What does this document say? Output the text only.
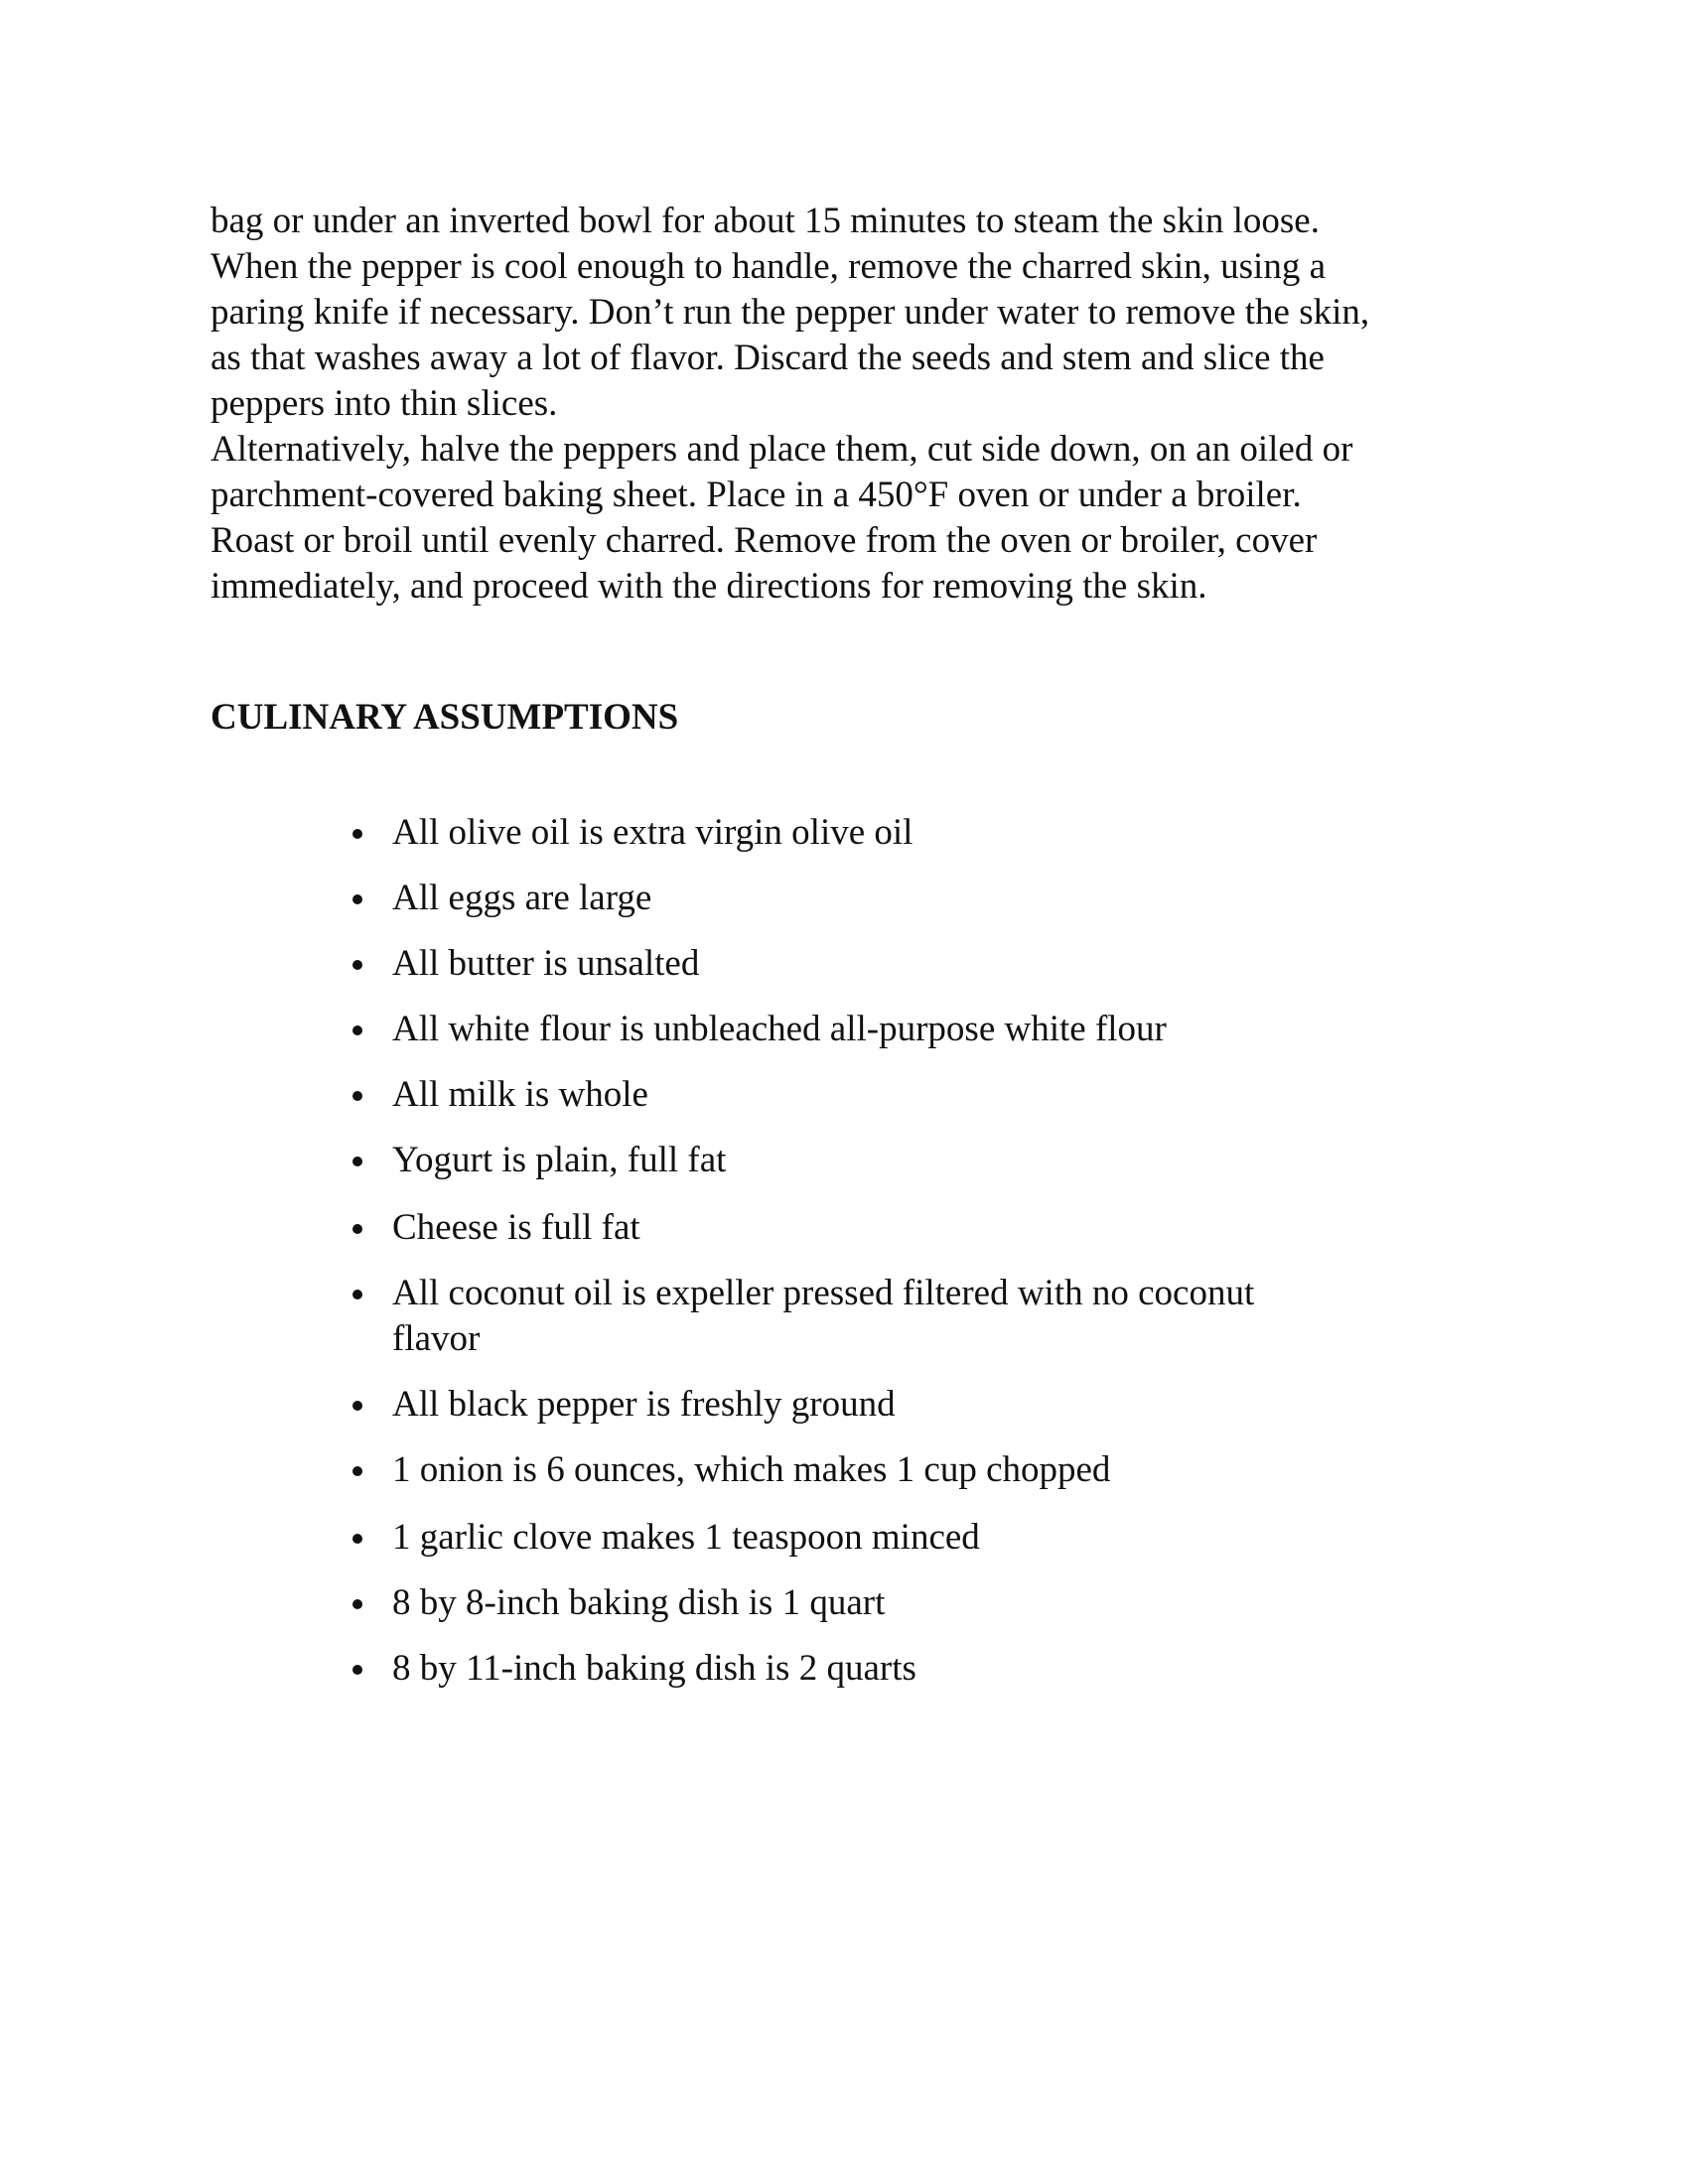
bag or under an inverted bowl for about 15 minutes to steam the skin loose.
When the pepper is cool enough to handle, remove the charred skin, using a
paring knife if necessary. Don’t run the pepper under water to remove the skin,
as that washes away a lot of flavor. Discard the seeds and stem and slice the
peppers into thin slices.

Alternatively, halve the peppers and place them, cut side down, on an oiled or
parchment-covered baking sheet. Place in a 450°F oven or under a broiler.
Roast or broil until evenly charred. Remove from the oven or broiler, cover
immediately, and proceed with the directions for removing the skin.

CULINARY ASSUMPTIONS
All olive oil is extra virgin olive oil
All eggs are large
All butter is unsalted
All white flour is unbleached all-purpose white flour
All milk is whole
Yogurt is plain, full fat
Cheese is full fat
All coconut oil is expeller pressed filtered with no coconut
flavor
All black pepper is freshly ground
1 onion is 6 ounces, which makes 1 cup chopped
1 garlic clove makes 1 teaspoon minced
8 by 8-inch baking dish is 1 quart
8 by 11-inch baking dish is 2 quarts
